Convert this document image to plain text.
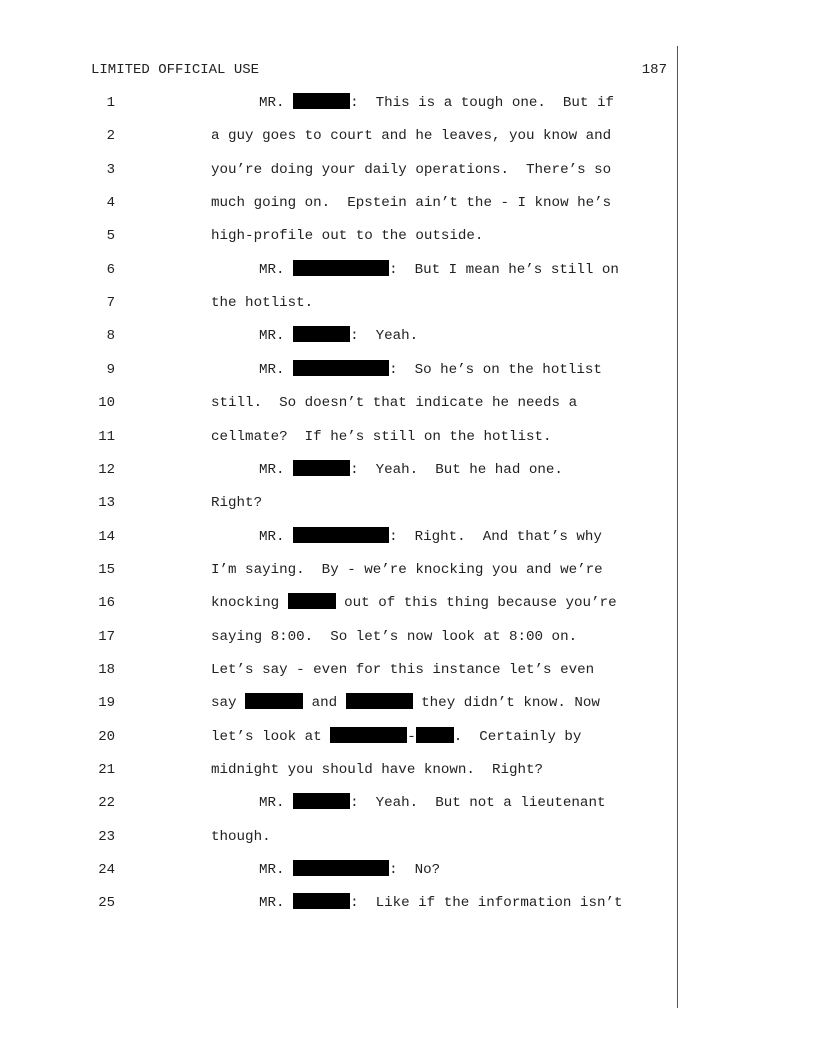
LIMITED OFFICIAL USE	187
1	MR.	:  This is a tough one.  But if
2	a guy goes to court and he leaves, you know and
3	you’re doing your daily operations.  There’s so
4	much going on.  Epstein ain’t the - I know he’s
5	high-profile out to the outside.
6	MR.	:  But I mean he’s still on
7	the hotlist.
8	MR.	:  Yeah.
9	MR.	:  So he’s on the hotlist
10	still.  So doesn’t that indicate he needs a
11	cellmate?  If he’s still on the hotlist.
12	MR.	:  Yeah.  But he had one.
13	Right?
14	MR.	:  Right.  And that’s why
15	I’m saying.  By - we’re knocking you and we’re
16	knocking	out of this thing because you’re
17	saying 8:00.  So let’s now look at 8:00 on.
18	Let’s say - even for this instance let’s even
19	say	and	they didn’t know. Now
20	let’s look at	-	.  Certainly by
21	midnight you should have known.  Right?
22	MR.	:  Yeah.  But not a lieutenant
23	though.
24	MR.	:  No?
25	MR.	:  Like if the information isn’t
